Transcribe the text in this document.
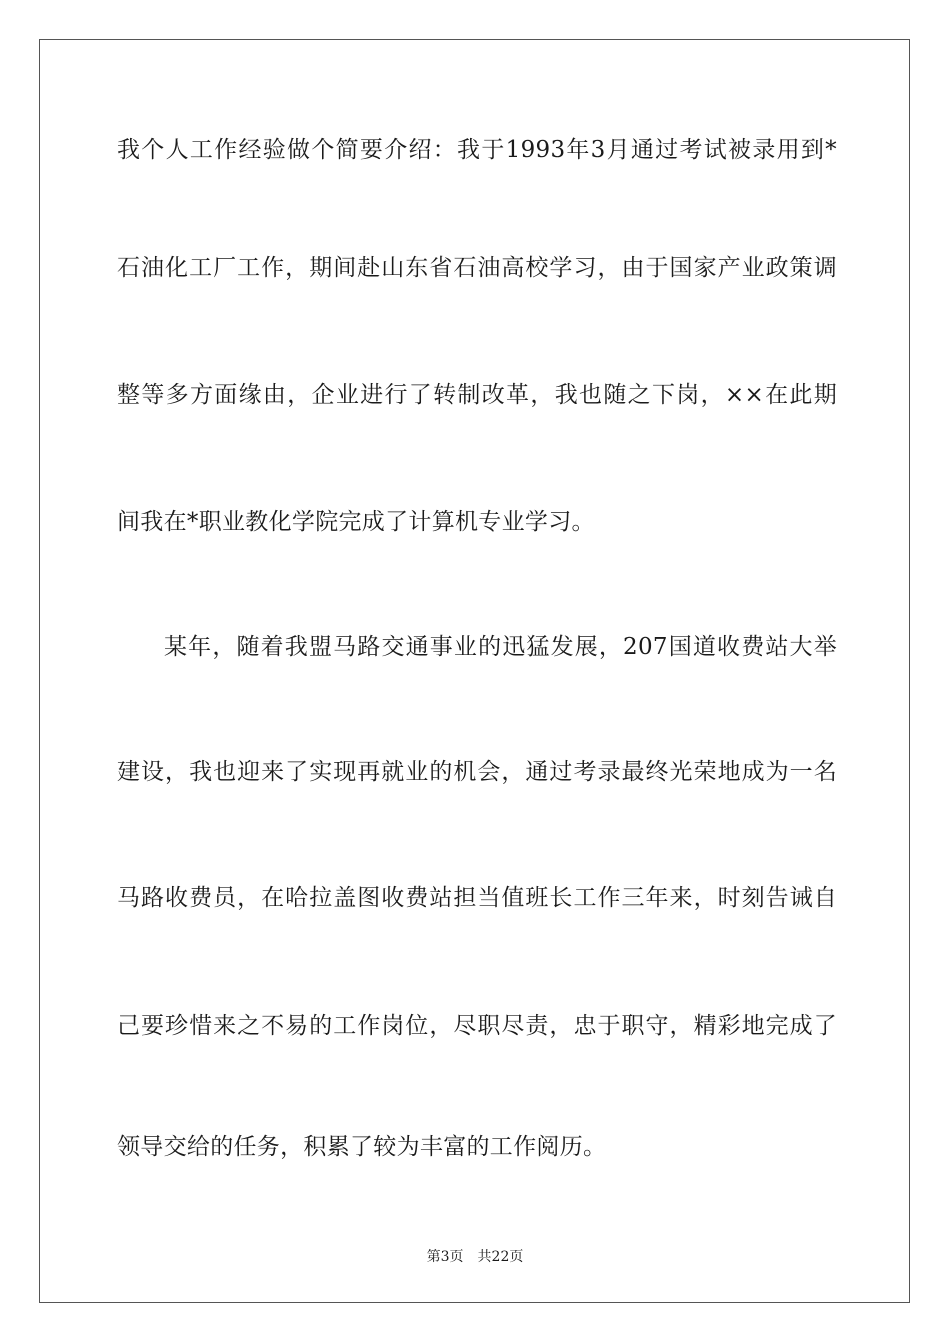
我个人工作经验做个简要介绍：我于1993年3月通过考试被录用到*
石油化工厂工作，期间赴山东省石油高校学习，由于国家产业政策调
整等多方面缘由，企业进行了转制改革，我也随之下岗，××在此期
间我在*职业教化学院完成了计算机专业学习。
某年，随着我盟马路交通事业的迅猛发展，207国道收费站大举
建设，我也迎来了实现再就业的机会，通过考录最终光荣地成为一名
马路收费员，在哈拉盖图收费站担当值班长工作三年来，时刻告诫自
己要珍惜来之不易的工作岗位，尽职尽责，忠于职守，精彩地完成了
领导交给的任务，积累了较为丰富的工作阅历。
第3页 共22页
